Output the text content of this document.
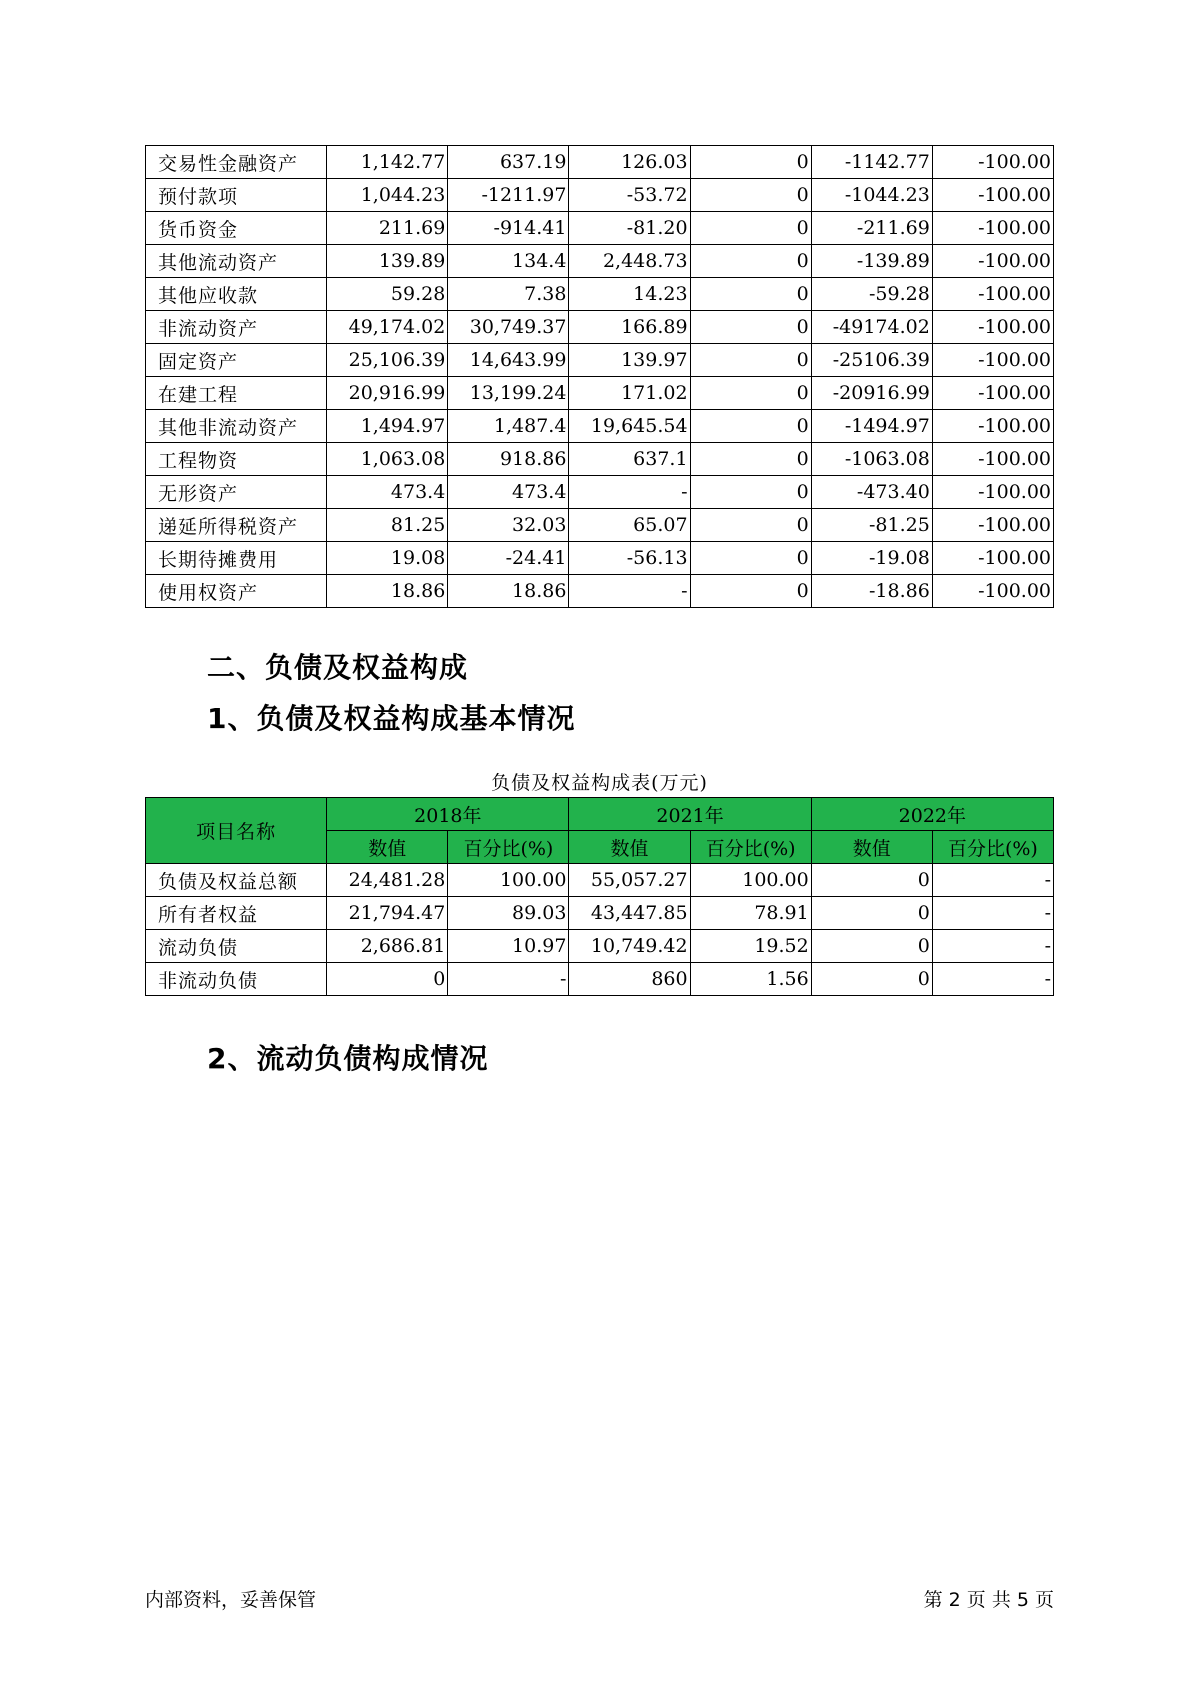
交易性金融资产	1,142.77	637.19	126.03	0	-1142.77	-100.00
预付款项	1,044.23	-1211.97	-53.72	0	-1044.23	-100.00
货币资金	211.69	-914.41	-81.20	0	-211.69	-100.00
其他流动资产	139.89	134.4	2,448.73	0	-139.89	-100.00
其他应收款	59.28	7.38	14.23	0	-59.28	-100.00
非流动资产	49,174.02	30,749.37	166.89	0	-49174.02	-100.00
固定资产	25,106.39	14,643.99	139.97	0	-25106.39	-100.00
在建工程	20,916.99	13,199.24	171.02	0	-20916.99	-100.00
其他非流动资产	1,494.97	1,487.4	19,645.54	0	-1494.97	-100.00
工程物资	1,063.08	918.86	637.1	0	-1063.08	-100.00
无形资产	473.4	473.4	-	0	-473.40	-100.00
递延所得税资产	81.25	32.03	65.07	0	-81.25	-100.00
长期待摊费用	19.08	-24.41	-56.13	0	-19.08	-100.00
使用权资产	18.86	18.86	-	0	-18.86	-100.00
二、负债及权益构成
1、负债及权益构成基本情况
负债及权益构成表(万元)
项目名称	2018年		2021年		2022年	
	数值	百分比(%)	数值	百分比(%)	数值	百分比(%)
负债及权益总额	24,481.28	100.00	55,057.27	100.00	0	-
所有者权益	21,794.47	89.03	43,447.85	78.91	0	-
流动负债	2,686.81	10.97	10,749.42	19.52	0	-
非流动负债	0	-	860	1.56	0	-
2、流动负债构成情况
内部资料，妥善保管	第 2 页 共 5 页
